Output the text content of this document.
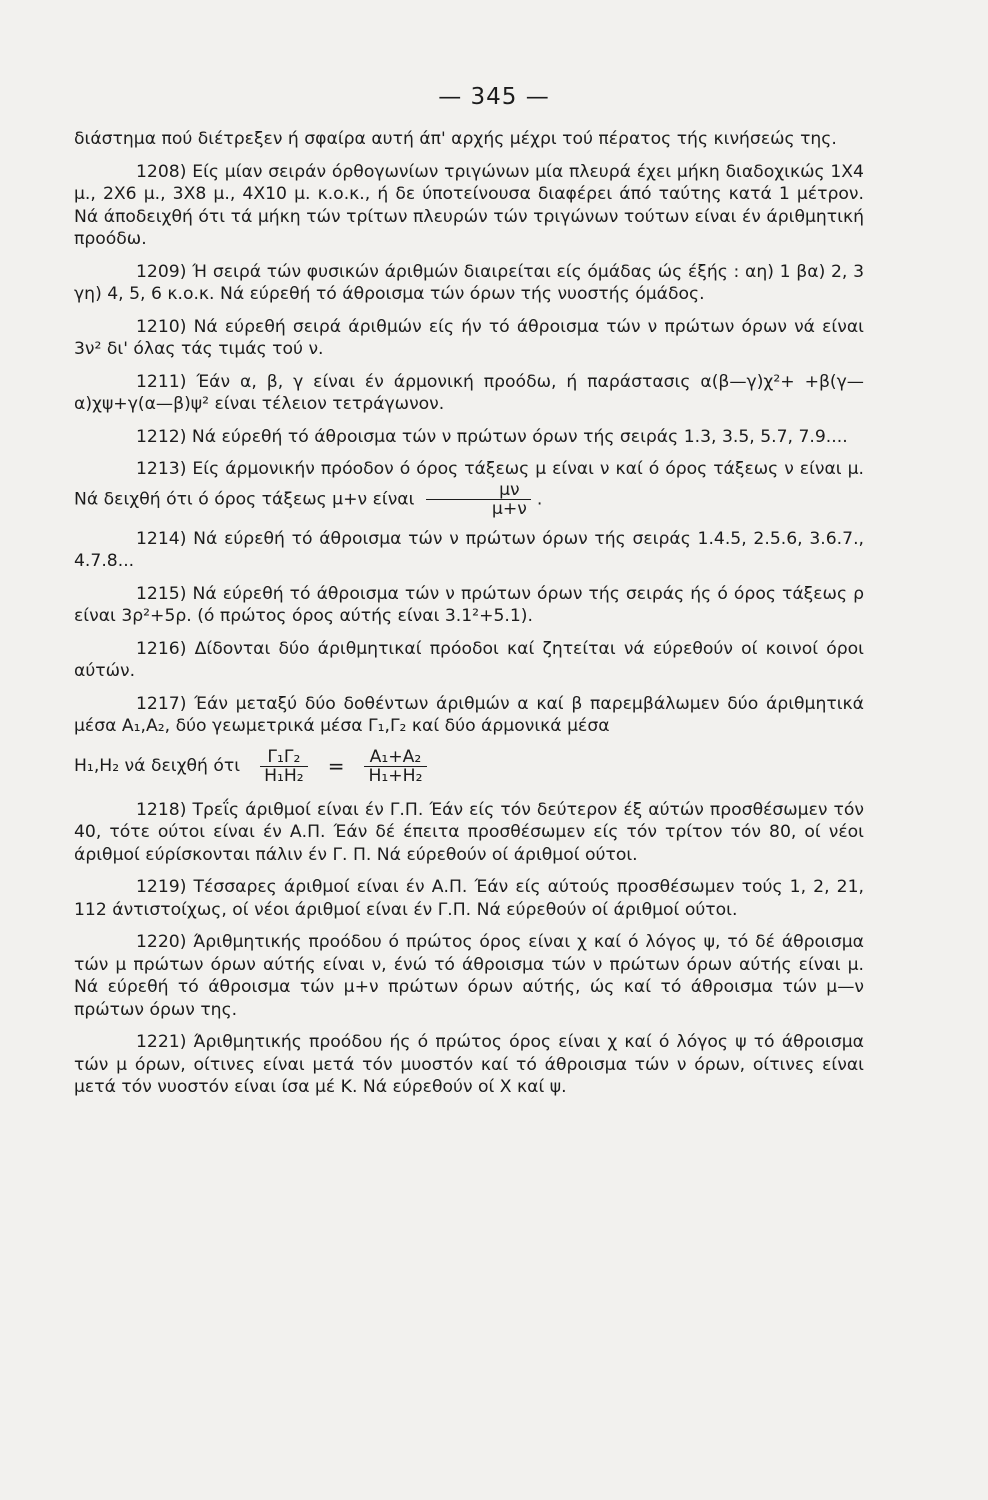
— 345 —

διάστημα πού διέτρεξεν ή σφαίρα αυτή άπ' αρχής μέχρι τού πέρατος τής κινήσεώς της.

1208) Είς μίαν σειράν όρθογωνίων τριγώνων μία πλευρά έχει μήκη διαδοχικώς 1Χ4 μ., 2Χ6 μ., 3Χ8 μ., 4Χ10 μ. κ.ο.κ., ή δε ύποτείνουσα διαφέρει άπό ταύτης κατά 1 μέτρον. Νά άποδειχθή ότι τά μήκη τών τρίτων πλευρών τών τριγώνων τούτων είναι έν άριθμητική προόδω.

1209) Ή σειρά τών φυσικών άριθμών διαιρείται είς όμάδας ώς έξής : αη) 1 βα) 2, 3 γη) 4, 5, 6 κ.ο.κ. Νά εύρεθή τό άθροισμα τών όρων τής νυοστής όμάδος.

1210) Νά εύρεθή σειρά άριθμών είς ήν τό άθροισμα τών ν πρώτων όρων νά είναι 3ν² δι' όλας τάς τιμάς τού ν.

1211) Έάν α, β, γ είναι έν άρμονική προόδω, ή παράστασις α(β—γ)χ²+ +β(γ—α)χψ+γ(α—β)ψ² είναι τέλειον τετράγωνον.

1212) Νά εύρεθή τό άθροισμα τών ν πρώτων όρων τής σειράς 1.3, 3.5, 5.7, 7.9....

1213) Είς άρμονικήν πρόοδον ό όρος τάξεως μ είναι ν καί ό όρος τάξεως ν είναι μ. Νά δειχθή ότι ό όρος τάξεως μ+ν είναι $\frac{\mu\nu}{\mu+\nu}$ .

1214) Νά εύρεθή τό άθροισμα τών ν πρώτων όρων τής σειράς 1.4.5, 2.5.6, 3.6.7., 4.7.8...

1215) Νά εύρεθή τό άθροισμα τών ν πρώτων όρων τής σειράς ής ό όρος τάξεως ρ είναι 3ρ²+5ρ. (ό πρώτος όρος αύτής είναι 3.1²+5.1).

1216) Δίδονται δύο άριθμητικαί πρόοδοι καί ζητείται νά εύρεθούν οί κοινοί όροι αύτών.

1217) Έάν μεταξύ δύο δοθέντων άριθμών α καί β παρεμβάλωμεν δύο άριθμητικά μέσα Α₁,Α₂, δύο γεωμετρικά μέσα Γ₁,Γ₂ καί δύο άρμονικά μέσα

Η₁,Η₂ νά δειχθή ότι $\frac{\text{Γ₁Γ₂}}{\text{Η₁Η₂}} = \frac{\text{Α₁+Α₂}}{\text{Η₁+Η₂}}$

1218) Τρεΐς άριθμοί είναι έν Γ.Π. Έάν είς τόν δεύτερον έξ αύτών προσθέσωμεν τόν 40, τότε ούτοι είναι έν Α.Π. Έάν δέ έπειτα προσθέσωμεν είς τόν τρίτον τόν 80, οί νέοι άριθμοί εύρίσκονται πάλιν έν Γ. Π. Νά εύρεθούν οί άριθμοί ούτοι.

1219) Τέσσαρες άριθμοί είναι έν Α.Π. Έάν είς αύτούς προσθέσωμεν τούς 1, 2, 21, 112 άντιστοίχως, οί νέοι άριθμοί είναι έν Γ.Π. Νά εύρεθούν οί άριθμοί ούτοι.

1220) Άριθμητικής προόδου ό πρώτος όρος είναι χ καί ό λόγος ψ, τό δέ άθροισμα τών μ πρώτων όρων αύτής είναι ν, ένώ τό άθροισμα τών ν πρώτων όρων αύτής είναι μ. Νά εύρεθή τό άθροισμα τών μ+ν πρώτων όρων αύτής, ώς καί τό άθροισμα τών μ—ν πρώτων όρων της.

1221) Άριθμητικής προόδου ής ό πρώτος όρος είναι χ καί ό λόγος ψ τό άθροισμα τών μ όρων, οίτινες είναι μετά τόν μυοστόν καί τό άθροισμα τών ν όρων, οίτινες είναι μετά τόν νυοστόν είναι ίσα μέ Κ. Νά εύρεθούν οί Χ καί ψ.
